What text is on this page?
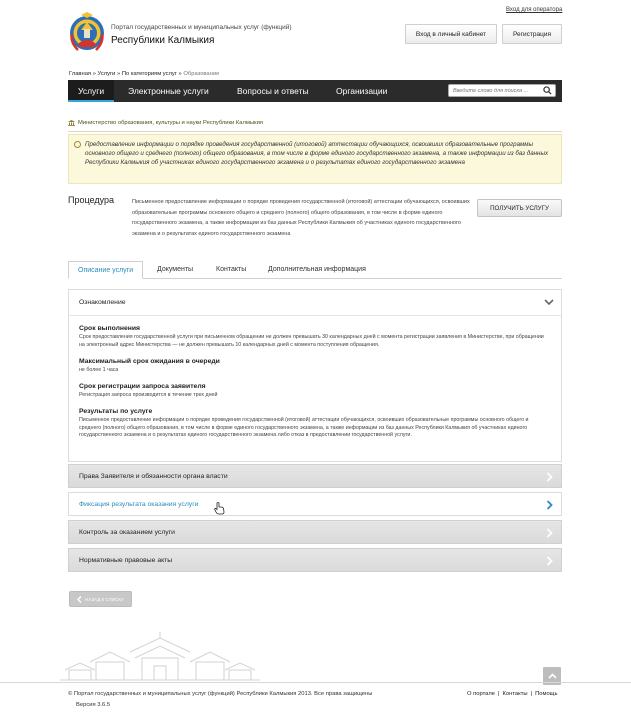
Вход для оператора
Портал государственных и муниципальных услуг (функций)
Республики Калмыкия
Вход в личный кабинет	Регистрация
Главная » Услуги » По категориям услуг » Образование
Услуги	Электронные услуги	Вопросы и ответы	Организации
Введите слово для поиска ...
Министерство образования, культуры и науки Республики Калмыкия

Предоставление информации о порядке проведения государственной (итоговой) аттестации обучающихся, освоивших образовательные программы основного общего и среднего (полного) общего образования, в том числе в форме единого государственного экзамена, а также информации из баз данных Республики Калмыкия об участниках единого государственного экзамена и о результатах единого государственного экзамена

Процедура	Письменное предоставление информации о порядке проведения государственной (итоговой) аттестации обучающихся, освоивших образовательные программы основного общего и среднего (полного) общего образования, в том числе в форме единого государственного экзамена, а также информации из баз данных Республики Калмыкия об участниках единого государственного экзамена и о результатах единого государственного экзамена
ПОЛУЧИТЬ УСЛУГУ
Описание услуги	Документы	Контакты	Дополнительная информация
Ознакомление
Срок выполнения
Срок предоставления государственной услуги при письменном обращении не должен превышать 30 календарных дней с момента регистрации заявления в Министерстве, при обращении на электронный адрес Министерства — не должен превышать 10 календарных дней с момента поступления обращения.
Максимальный срок ожидания в очереди
не более 1 часа
Срок регистрации запроса заявителя
Регистрация запроса производится в течение трех дней
Результаты по услуге
Письменное предоставление информации о порядке проведения государственной (итоговой) аттестации обучающихся, освоивших образовательные программы основного общего и среднего (полного) общего образования, в том числе в форме единого государственного экзамена, а также информации из баз данных Республики Калмыкия об участниках единого государственного экзамена и о результатах единого государственного экзамена либо отказ в предоставлении государственной услуги.
Права Заявителя и обязанности органа власти
Фиксация результата оказания услуги
Контроль за оказанием услуги
Нормативные правовые акты
НАЗАД К СПИСКУ
© Портал государственных и муниципальных услуг (функций) Республики Калмыкия 2013. Все права защищены
Версия 3.6.5
О портале | Контакты | Помощь
